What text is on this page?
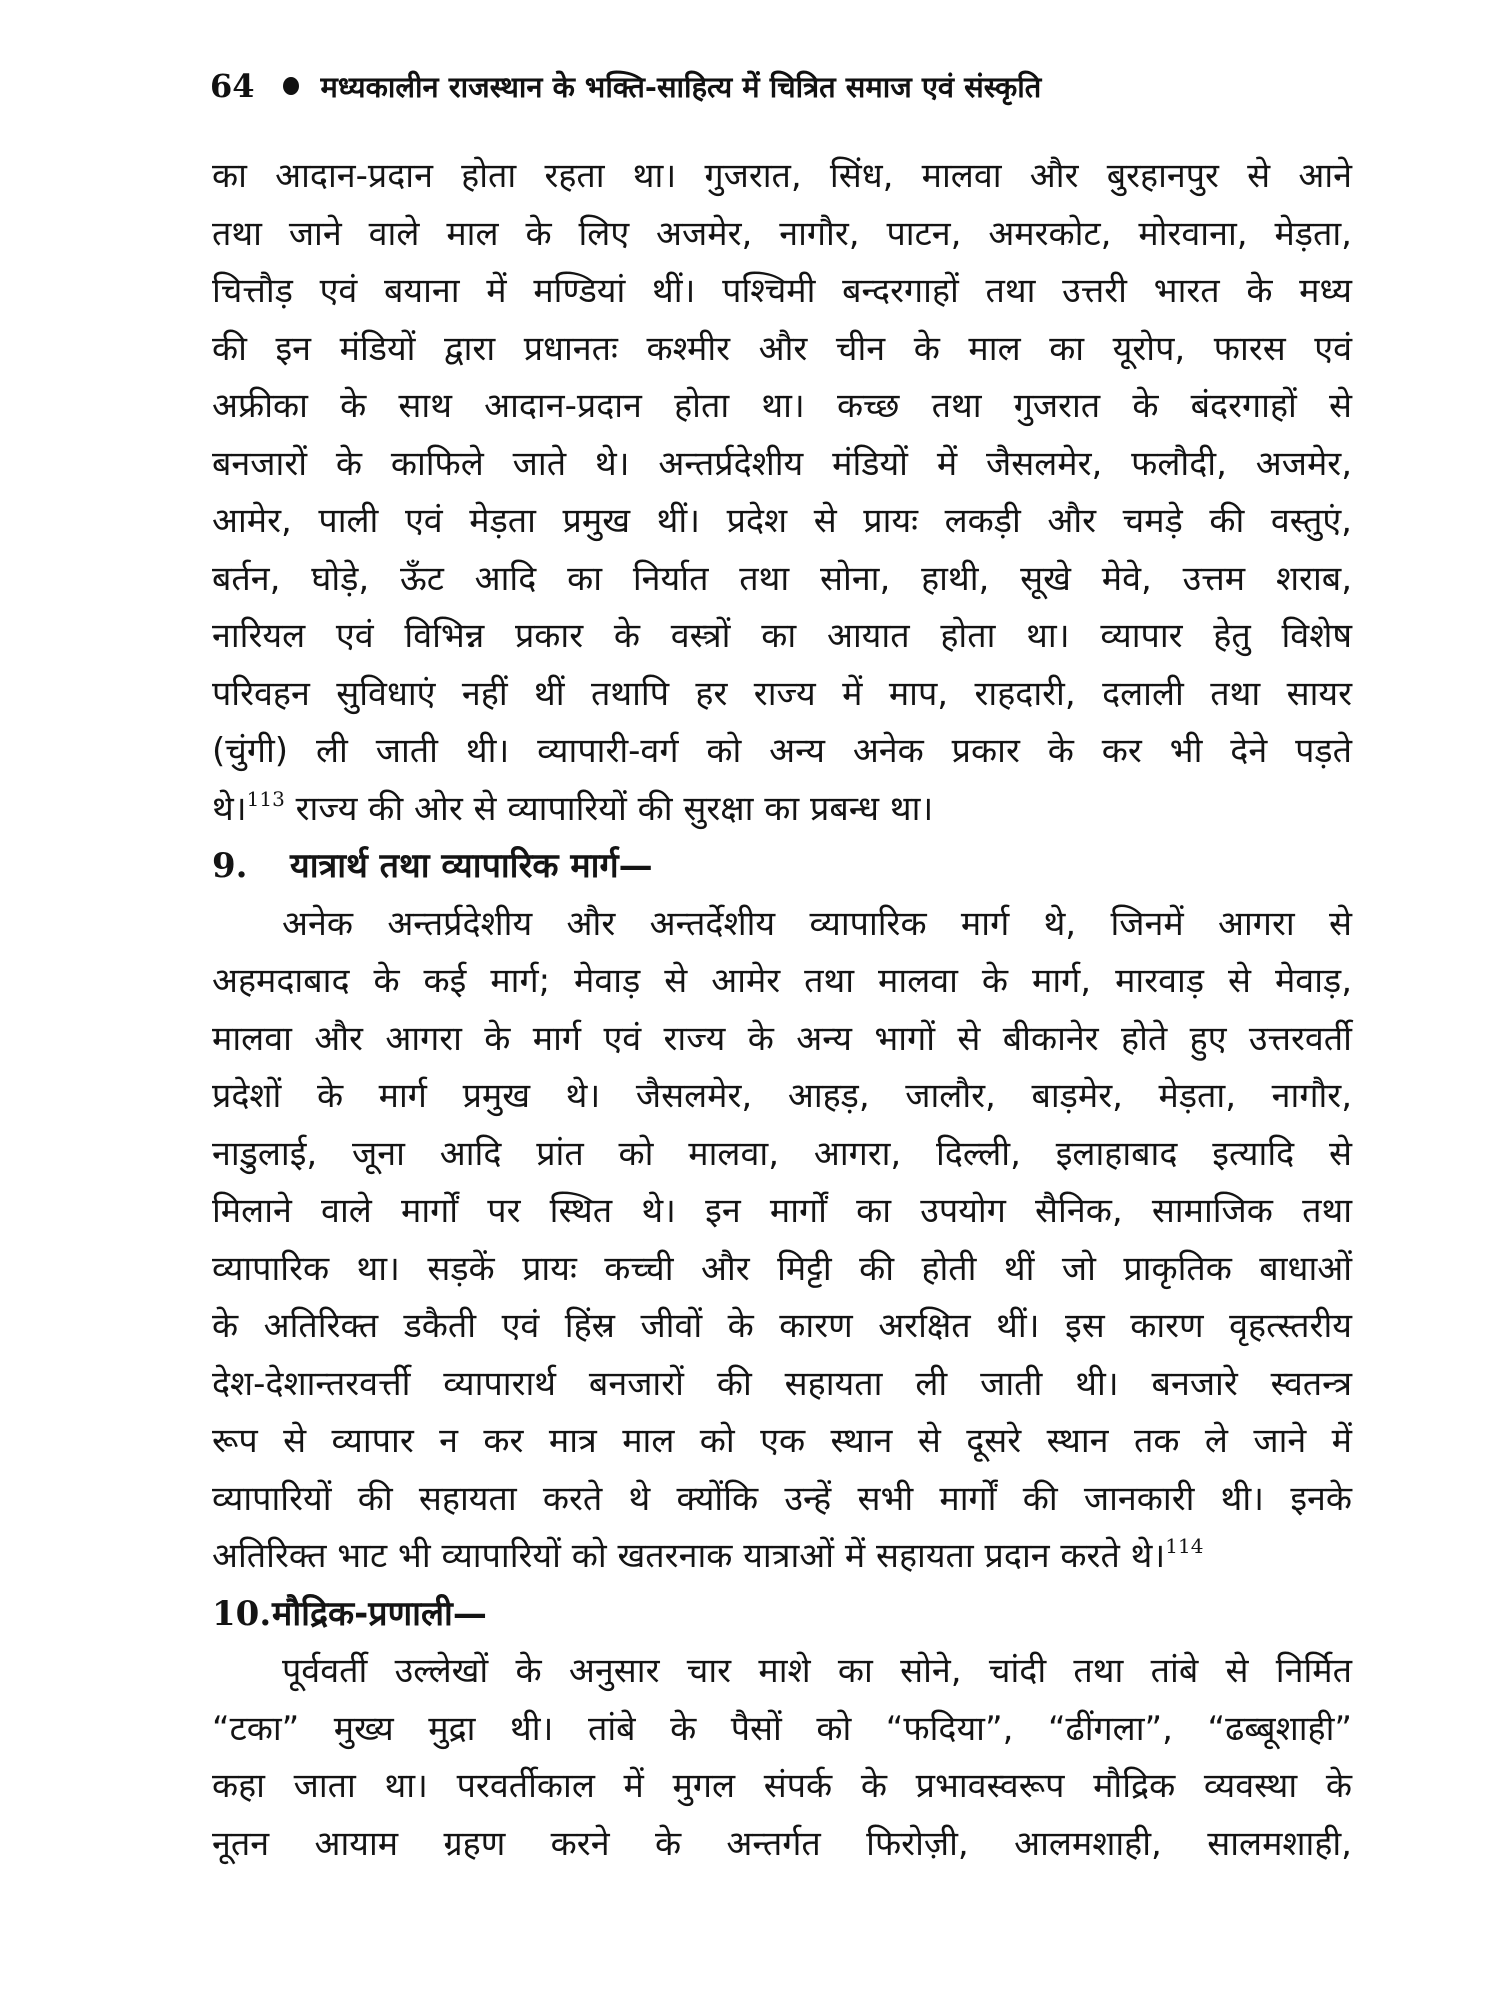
64 मध्यकालीन राजस्थान के भक्ति-साहित्य में चित्रित समाज एवं संस्कृति
का आदान-प्रदान होता रहता था। गुजरात, सिंध, मालवा और बुरहानपुर से आने
तथा जाने वाले माल के लिए अजमेर, नागौर, पाटन, अमरकोट, मोरवाना, मेड़ता,
चित्तौड़ एवं बयाना में मण्डियां थीं। पश्चिमी बन्दरगाहों तथा उत्तरी भारत के मध्य
की इन मंडियों द्वारा प्रधानतः कश्मीर और चीन के माल का यूरोप, फारस एवं
अफ्रीका के साथ आदान-प्रदान होता था। कच्छ तथा गुजरात के बंदरगाहों से
बनजारों के काफिले जाते थे। अन्तर्प्रदेशीय मंडियों में जैसलमेर, फलौदी, अजमेर,
आमेर, पाली एवं मेड़ता प्रमुख थीं। प्रदेश से प्रायः लकड़ी और चमड़े की वस्तुएं,
बर्तन, घोड़े, ऊँट आदि का निर्यात तथा सोना, हाथी, सूखे मेवे, उत्तम शराब,
नारियल एवं विभिन्न प्रकार के वस्त्रों का आयात होता था। व्यापार हेतु विशेष
परिवहन सुविधाएं नहीं थीं तथापि हर राज्य में माप, राहदारी, दलाली तथा सायर
(चुंगी) ली जाती थी। व्यापारी-वर्ग को अन्य अनेक प्रकार के कर भी देने पड़ते
थे।$^{113}$ राज्य की ओर से व्यापारियों की सुरक्षा का प्रबन्ध था।
9. यात्रार्थ तथा व्यापारिक मार्ग—
अनेक अन्तर्प्रदेशीय और अन्तर्देशीय व्यापारिक मार्ग थे, जिनमें आगरा से
अहमदाबाद के कई मार्ग; मेवाड़ से आमेर तथा मालवा के मार्ग, मारवाड़ से मेवाड़,
मालवा और आगरा के मार्ग एवं राज्य के अन्य भागों से बीकानेर होते हुए उत्तरवर्ती
प्रदेशों के मार्ग प्रमुख थे। जैसलमेर, आहड़, जालौर, बाड़मेर, मेड़ता, नागौर,
नाडुलाई, जूना आदि प्रांत को मालवा, आगरा, दिल्ली, इलाहाबाद इत्यादि से
मिलाने वाले मार्गों पर स्थित थे। इन मार्गों का उपयोग सैनिक, सामाजिक तथा
व्यापारिक था। सड़कें प्रायः कच्ची और मिट्टी की होती थीं जो प्राकृतिक बाधाओं
के अतिरिक्त डकैती एवं हिंस्र जीवों के कारण अरक्षित थीं। इस कारण वृहत्स्तरीय
देश-देशान्तरवर्त्ती व्यापारार्थ बनजारों की सहायता ली जाती थी। बनजारे स्वतन्त्र
रूप से व्यापार न कर मात्र माल को एक स्थान से दूसरे स्थान तक ले जाने में
व्यापारियों की सहायता करते थे क्योंकि उन्हें सभी मार्गों की जानकारी थी। इनके
अतिरिक्त भाट भी व्यापारियों को खतरनाक यात्राओं में सहायता प्रदान करते थे।$^{114}$
10.मौद्रिक-प्रणाली—
पूर्ववर्ती उल्लेखों के अनुसार चार माशे का सोने, चांदी तथा तांबे से निर्मित
“टका” मुख्य मुद्रा थी। तांबे के पैसों को “फदिया”, “ढींगला”, “ढब्बूशाही”
कहा जाता था। परवर्तीकाल में मुगल संपर्क के प्रभावस्वरूप मौद्रिक व्यवस्था के
नूतन आयाम ग्रहण करने के अन्तर्गत फिरोज़ी, आलमशाही, सालमशाही,
